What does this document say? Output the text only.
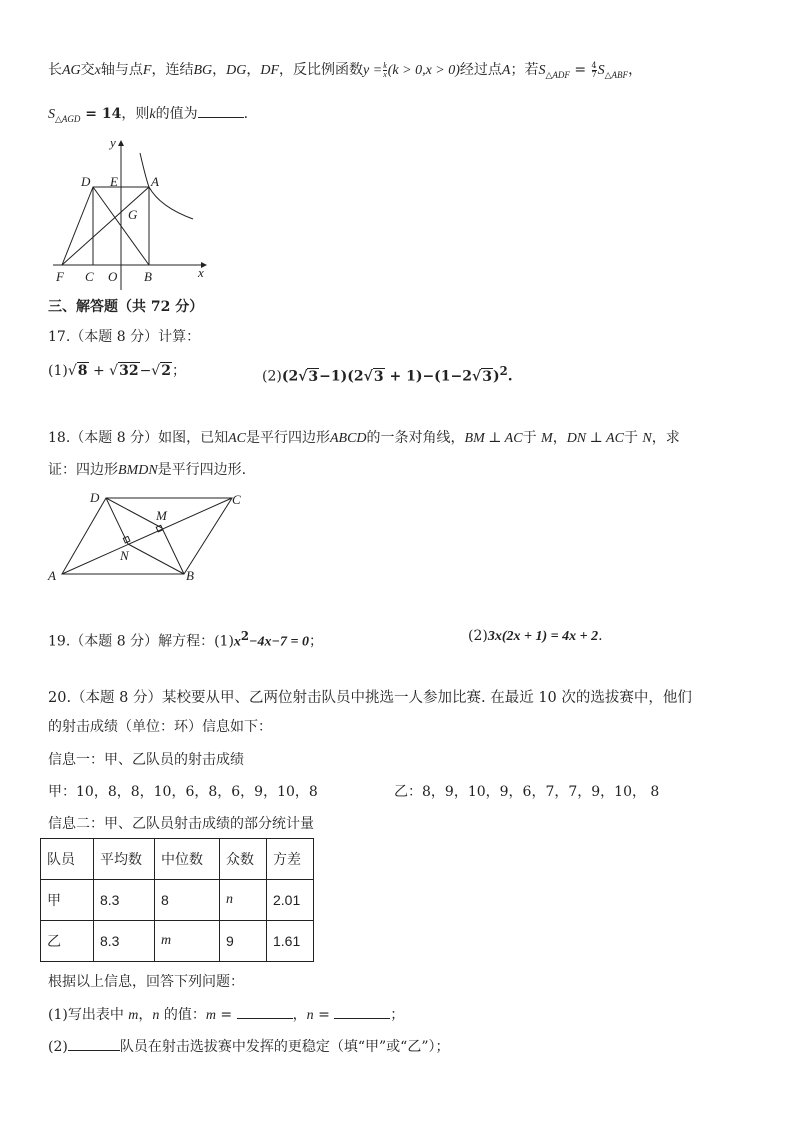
长AG交x轴与点F，连结BG，DG，DF，反比例函数$y = \frac{k}{x} (k > 0,x > 0)$经过点A；若$S_{\triangle ADF} = \frac{4}{7} S_{\triangle ABF}$，
$S_{\triangle AGD} = 14$，则k的值为	.
y
D E	A
G
F C O B	x
三、解答题（共 72 分）
17.（本题 8 分）计算：
(1)√8 + √32−√2；	$(2)(2√3-1)(2√3 + 1)-(1-2√3)^2$.
18.（本题 8 分）如图，已知AC是平行四边形ABCD的一条对角线，BM ⊥ AC于 M，DN ⊥ AC于 N，求
证：四边形BMDN是平行四边形.
D	C
M
N
A	B
19.（本题 8 分）解方程：$(1)x^2-4x-7 = 0$；	(2)3x(2x + 1) = 4x + 2.
20.（本题 8 分）某校要从甲、乙两位射击队员中挑选一人参加比赛. 在最近 10 次的选拔赛中，他们
的射击成绩（单位：环）信息如下：
信息一：甲、乙队员的射击成绩
甲：10，8，8，10，6，8，6，9，10，8	乙：8，9，10，9，6，7，7，9，10， 8
信息二：甲、乙队员射击成绩的部分统计量
队员	平均数	中位数	众数	方差
甲	8.3	8	n	2.01
乙	8.3	m	9	1.61
根据以上信息，回答下列问题：
(1)写出表中 m，n 的值：m =	，n =	；
(2)	队员在射击选拔赛中发挥的更稳定（填“甲”或“乙”）；
